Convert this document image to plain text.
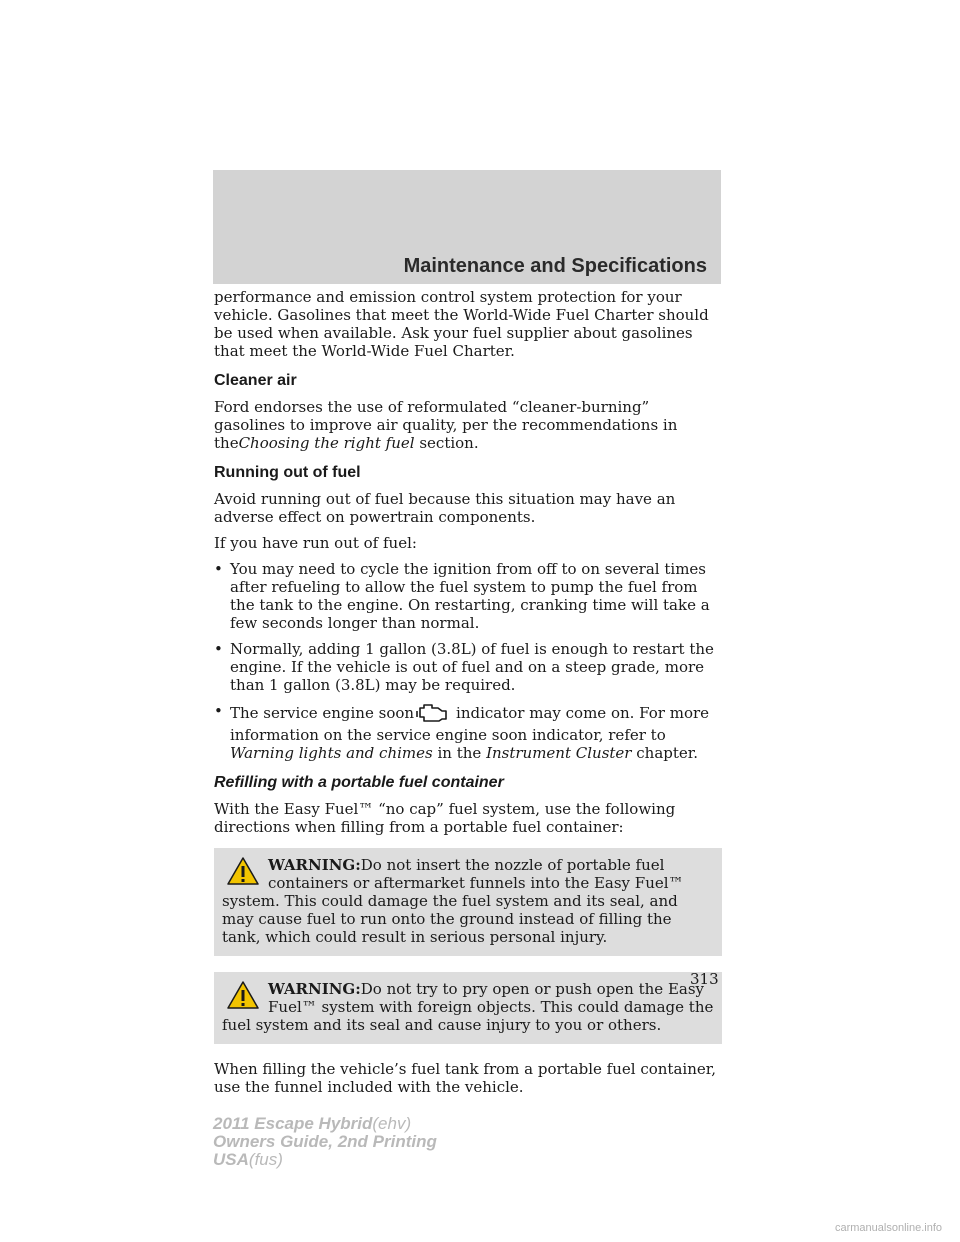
Maintenance and Specifications

performance and emission control system protection for your vehicle. Gasolines that meet the World-Wide Fuel Charter should be used when available. Ask your fuel supplier about gasolines that meet the World-Wide Fuel Charter.

Cleaner air

Ford endorses the use of reformulated “cleaner-burning” gasolines to improve air quality, per the recommendations in theChoosing the right fuel section.

Running out of fuel

Avoid running out of fuel because this situation may have an adverse effect on powertrain components.

If you have run out of fuel:

• You may need to cycle the ignition from off to on several times after refueling to allow the fuel system to pump the fuel from the tank to the engine. On restarting, cranking time will take a few seconds longer than normal.
• Normally, adding 1 gallon (3.8L) of fuel is enough to restart the engine. If the vehicle is out of fuel and on a steep grade, more than 1 gallon (3.8L) may be required.
• The service engine soon	indicator may come on. For more information on the service engine soon indicator, refer to Warning lights and chimes in the Instrument Cluster chapter.
Refilling with a portable fuel container

With the Easy Fuel™ “no cap” fuel system, use the following directions when filling from a portable fuel container:

WARNING:Do not insert the nozzle of portable fuel containers or aftermarket funnels into the Easy Fuel™ system. This could damage the fuel system and its seal, and may cause fuel to run onto the ground instead of filling the tank, which could result in serious personal injury.
WARNING:Do not try to pry open or push open the Easy Fuel™ system with foreign objects. This could damage the fuel system and its seal and cause injury to you or others.

When filling the vehicle’s fuel tank from a portable fuel container, use the funnel included with the vehicle.

313
2011 Escape Hybrid(ehv)
Owners Guide, 2nd Printing
USA(fus)
carmanualsonline.info
